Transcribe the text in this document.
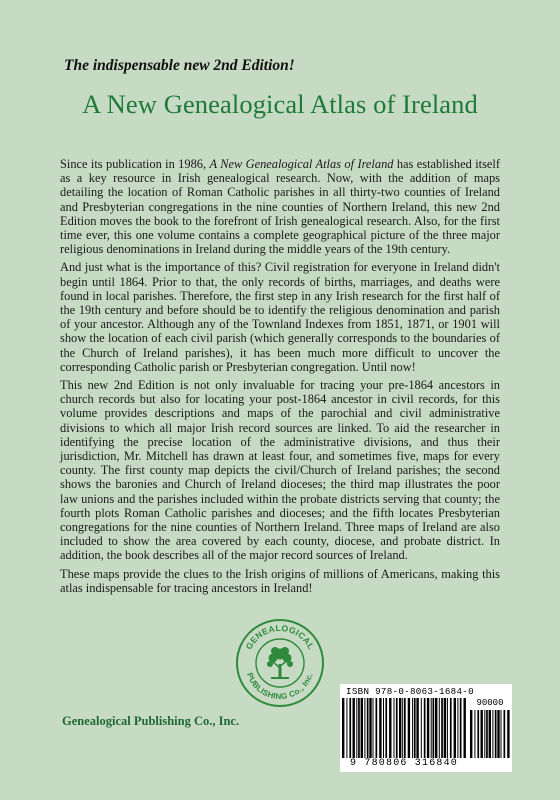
The indispensable new 2nd Edition!
A New Genealogical Atlas of Ireland

Since its publication in 1986, A New Genealogical Atlas of Ireland has established itself as a key resource in Irish genealogical research. Now, with the addition of maps detailing the location of Roman Catholic parishes in all thirty-two counties of Ireland and Presbyterian congregations in the nine counties of Northern Ireland, this new 2nd Edition moves the book to the forefront of Irish genealogical research. Also, for the first time ever, this one volume contains a complete geographical picture of the three major religious denominations in Ireland during the middle years of the 19th century.

And just what is the importance of this? Civil registration for everyone in Ireland didn't begin until 1864. Prior to that, the only records of births, marriages, and deaths were found in local parishes. Therefore, the first step in any Irish research for the first half of the 19th century and before should be to identify the religious denomination and parish of your ancestor. Although any of the Townland Indexes from 1851, 1871, or 1901 will show the location of each civil parish (which generally corresponds to the boundaries of the Church of Ireland parishes), it has been much more difficult to uncover the corresponding Catholic parish or Presbyterian congregation. Until now!

This new 2nd Edition is not only invaluable for tracing your pre-1864 ancestors in church records but also for locating your post-1864 ancestor in civil records, for this volume provides descriptions and maps of the parochial and civil administrative divisions to which all major Irish record sources are linked. To aid the researcher in identifying the precise location of the administrative divisions, and thus their jurisdiction, Mr. Mitchell has drawn at least four, and sometimes five, maps for every county. The first county map depicts the civil/Church of Ireland parishes; the second shows the baronies and Church of Ireland dioceses; the third map illustrates the poor law unions and the parishes included within the probate districts serving that county; the fourth plots Roman Catholic parishes and dioceses; and the fifth locates Presbyterian congregations for the nine counties of Northern Ireland. Three maps of Ireland are also included to show the area covered by each county, diocese, and probate district. In addition, the book describes all of the major record sources of Ireland.

These maps provide the clues to the Irish origins of millions of Americans, making this atlas indispensable for tracing ancestors in Ireland!

GENEALOGICAL
PUBLISHING Co., Inc.
Genealogical Publishing Co., Inc.
ISBN 978-0-8063-1684-0
9 780806 316840
90000
